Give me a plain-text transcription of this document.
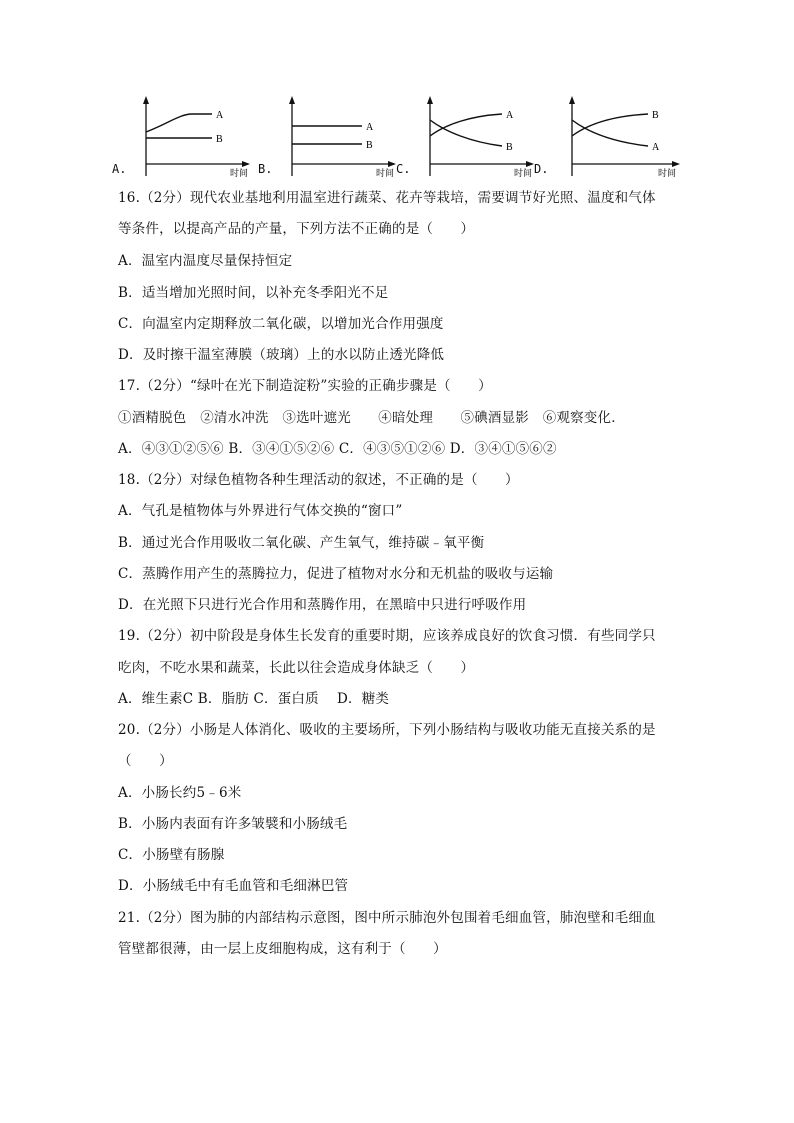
A.
A
B
时间 B.
A
B
时间 C.
A
B
时间 D.
B
A
时间
16.（2分）现代农业基地利用温室进行蔬菜、花卉等栽培，需要调节好光照、温度和气体
等条件，以提高产品的产量，下列方法不正确的是（　　）
A．温室内温度尽量保持恒定
B．适当增加光照时间，以补充冬季阳光不足
C．向温室内定期释放二氧化碳，以增加光合作用强度
D．及时擦干温室薄膜（玻璃）上的水以防止透光降低
17.（2分）“绿叶在光下制造淀粉”实验的正确步骤是（　　）
①酒精脱色　②清水冲洗　③选叶遮光　　④暗处理　　⑤碘酒显影　⑥观察变化．
A．④③①②⑤⑥ B．③④①⑤②⑥ C．④③⑤①②⑥ D．③④①⑤⑥②
18.（2分）对绿色植物各种生理活动的叙述，不正确的是（　　）
A．气孔是植物体与外界进行气体交换的“窗口”
B．通过光合作用吸收二氧化碳、产生氧气，维持碳﹣氧平衡
C．蒸腾作用产生的蒸腾拉力，促进了植物对水分和无机盐的吸收与运输
D．在光照下只进行光合作用和蒸腾作用，在黑暗中只进行呼吸作用
19.（2分）初中阶段是身体生长发育的重要时期，应该养成良好的饮食习惯．有些同学只
吃肉，不吃水果和蔬菜，长此以往会造成身体缺乏（　　）
A．维生素C B．脂肪 C．蛋白质　 D．糖类
20.（2分）小肠是人体消化、吸收的主要场所，下列小肠结构与吸收功能无直接关系的是
（　　）
A．小肠长约5﹣6米
B．小肠内表面有许多皱襞和小肠绒毛
C．小肠壁有肠腺
D．小肠绒毛中有毛血管和毛细淋巴管
21.（2分）图为肺的内部结构示意图，图中所示肺泡外包围着毛细血管，肺泡壁和毛细血
管壁都很薄，由一层上皮细胞构成，这有利于（　　）
